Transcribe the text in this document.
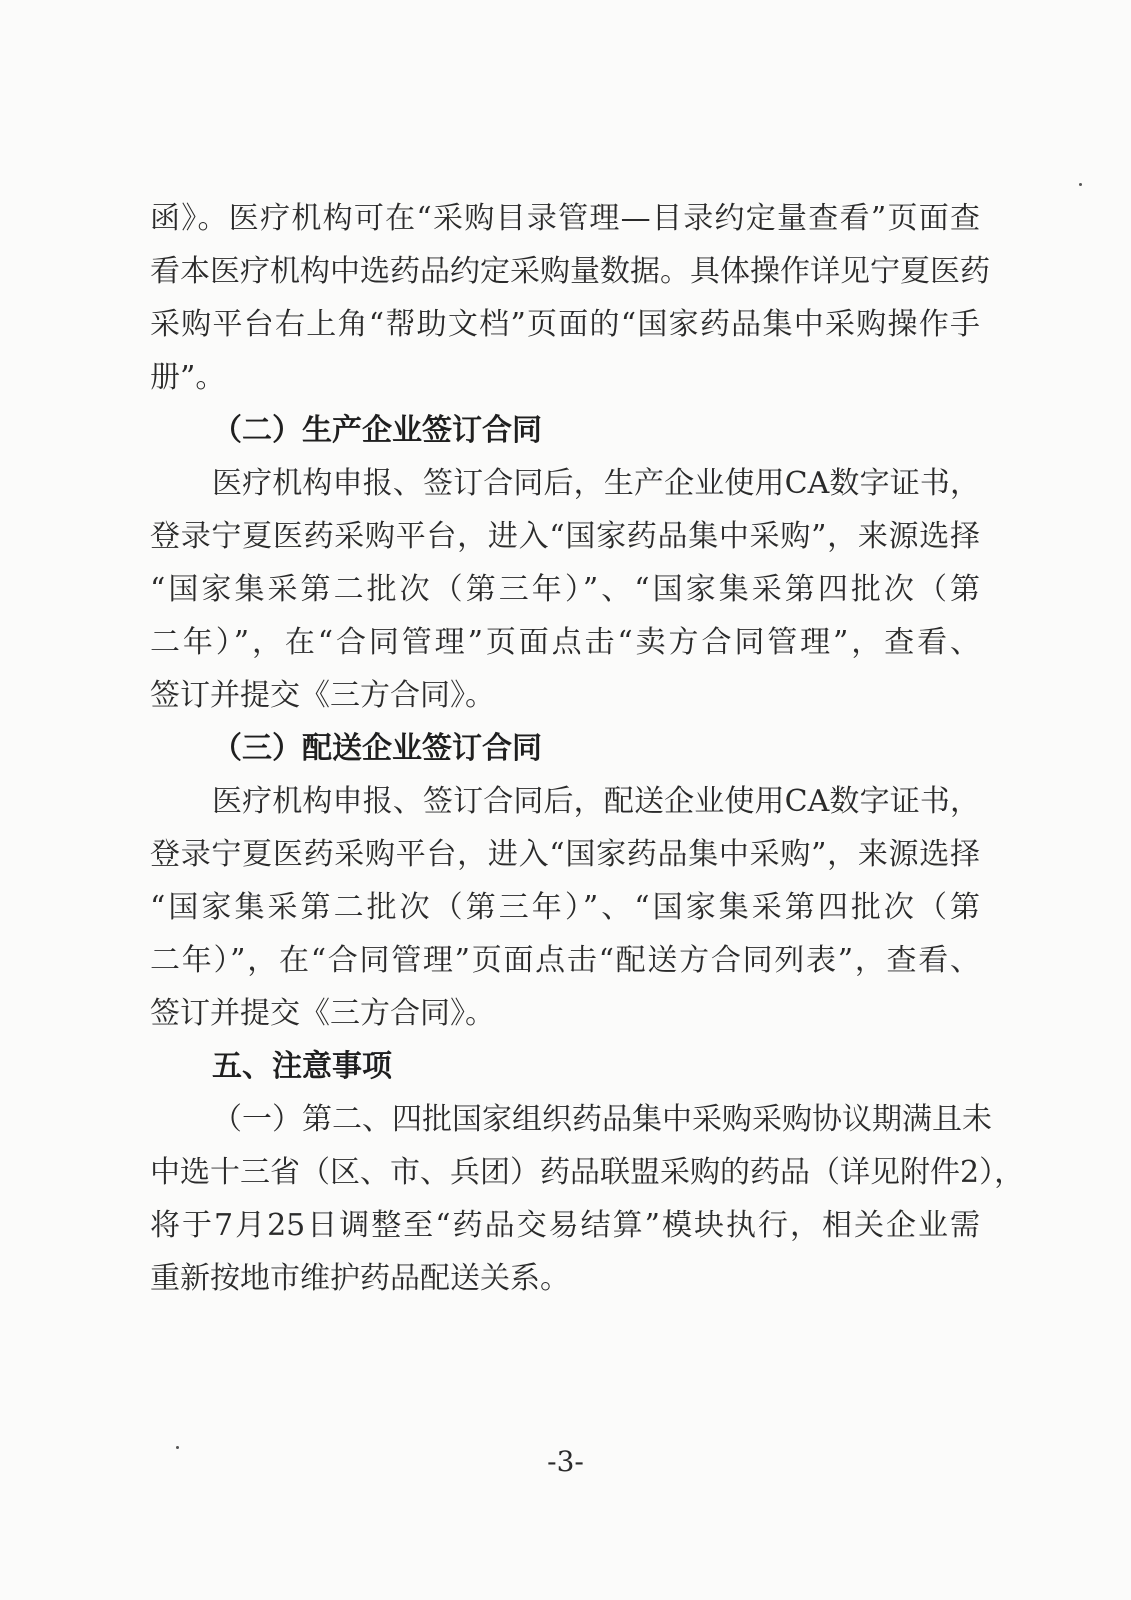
函》。医疗机构可在“采购目录管理—目录约定量查看”页面查
看本医疗机构中选药品约定采购量数据。具体操作详见宁夏医药
采购平台右上角“帮助文档”页面的“国家药品集中采购操作手
册”。
（二）生产企业签订合同
医疗机构申报、签订合同后，生产企业使用CA数字证书，
登录宁夏医药采购平台，进入“国家药品集中采购”，来源选择
“国家集采第二批次（第三年）”、“国家集采第四批次（第
二年）”，在“合同管理”页面点击“卖方合同管理”，查看、
签订并提交《三方合同》。
（三）配送企业签订合同
医疗机构申报、签订合同后，配送企业使用CA数字证书，
登录宁夏医药采购平台，进入“国家药品集中采购”，来源选择
“国家集采第二批次（第三年）”、“国家集采第四批次（第
二年）”，在“合同管理”页面点击“配送方合同列表”，查看、
签订并提交《三方合同》。
五、注意事项
（一）第二、四批国家组织药品集中采购采购协议期满且未
中选十三省（区、市、兵团）药品联盟采购的药品（详见附件2），
将于7月25日调整至“药品交易结算”模块执行，相关企业需
重新按地市维护药品配送关系。
-3-
